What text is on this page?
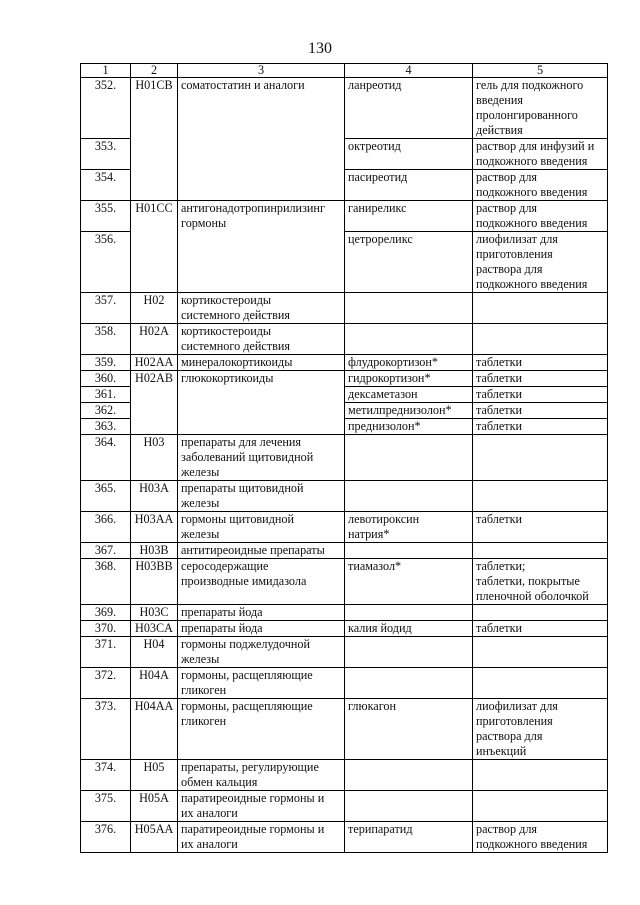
130
1	2	3	4	5

352.	H01CB	соматостатин и аналоги	ланреотид	гель для подкожного
введения
пролонгированного
действия

353.			октреотид	раствор для инфузий и
подкожного введения

354.			пасиреотид	раствор для
подкожного введения

355.	H01CC	антигонадотропинрилизинг
гормоны	ганиреликс	раствор для
подкожного введения

356.			цетрореликс	лиофилизат для
приготовления
раствора для
подкожного введения

357.	H02	кортикостероиды
системного действия		

358.	H02A	кортикостероиды
системного действия		

359.	H02AA	минералокортикоиды	флудрокортизон*	таблетки

360.	H02AB	глюкокортикоиды	гидрокортизон*	таблетки

361.			дексаметазон	таблетки

362.			метилпреднизолон*	таблетки

363.			преднизолон*	таблетки

364.	H03	препараты для лечения
заболеваний щитовидной
железы		

365.	H03A	препараты щитовидной
железы		

366.	H03AA	гормоны щитовидной
железы	левотироксин
натрия*	таблетки

367.	H03B	антитиреоидные препараты		

368.	H03BB	серосодержащие
производные имидазола	тиамазол*	таблетки;
таблетки, покрытые
пленочной оболочкой

369.	H03C	препараты йода		

370.	H03CA	препараты йода	калия йодид	таблетки

371.	H04	гормоны поджелудочной
железы		

372.	H04A	гормоны, расщепляющие
гликоген		

373.	H04AA	гормоны, расщепляющие
гликоген	глюкагон	лиофилизат для
приготовления
раствора для
инъекций

374.	H05	препараты, регулирующие
обмен кальция		

375.	H05A	паратиреоидные гормоны и
их аналоги		

376.	H05AA	паратиреоидные гормоны и
их аналоги	терипаратид	раствор для
подкожного введения
